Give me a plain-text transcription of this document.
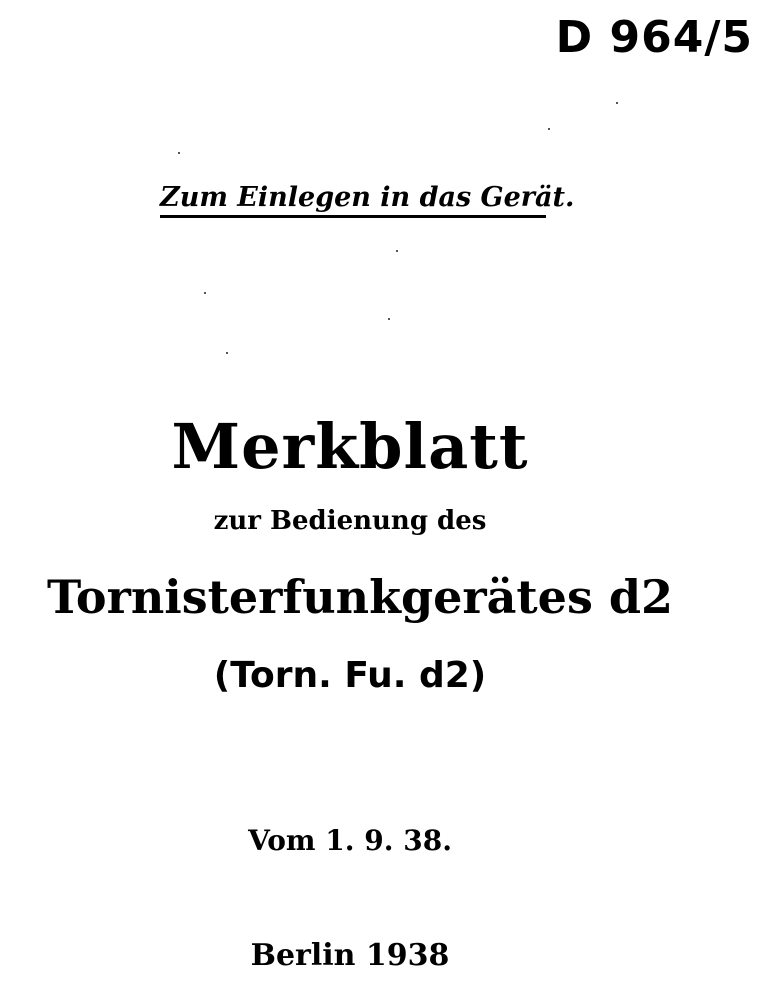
D 964/5
Zum Einlegen in das Gerät.
Merkblatt
zur Bedienung des
Tornisterfunkgerätes d2
(Torn. Fu. d2)
Vom 1. 9. 38.
Berlin 1938
